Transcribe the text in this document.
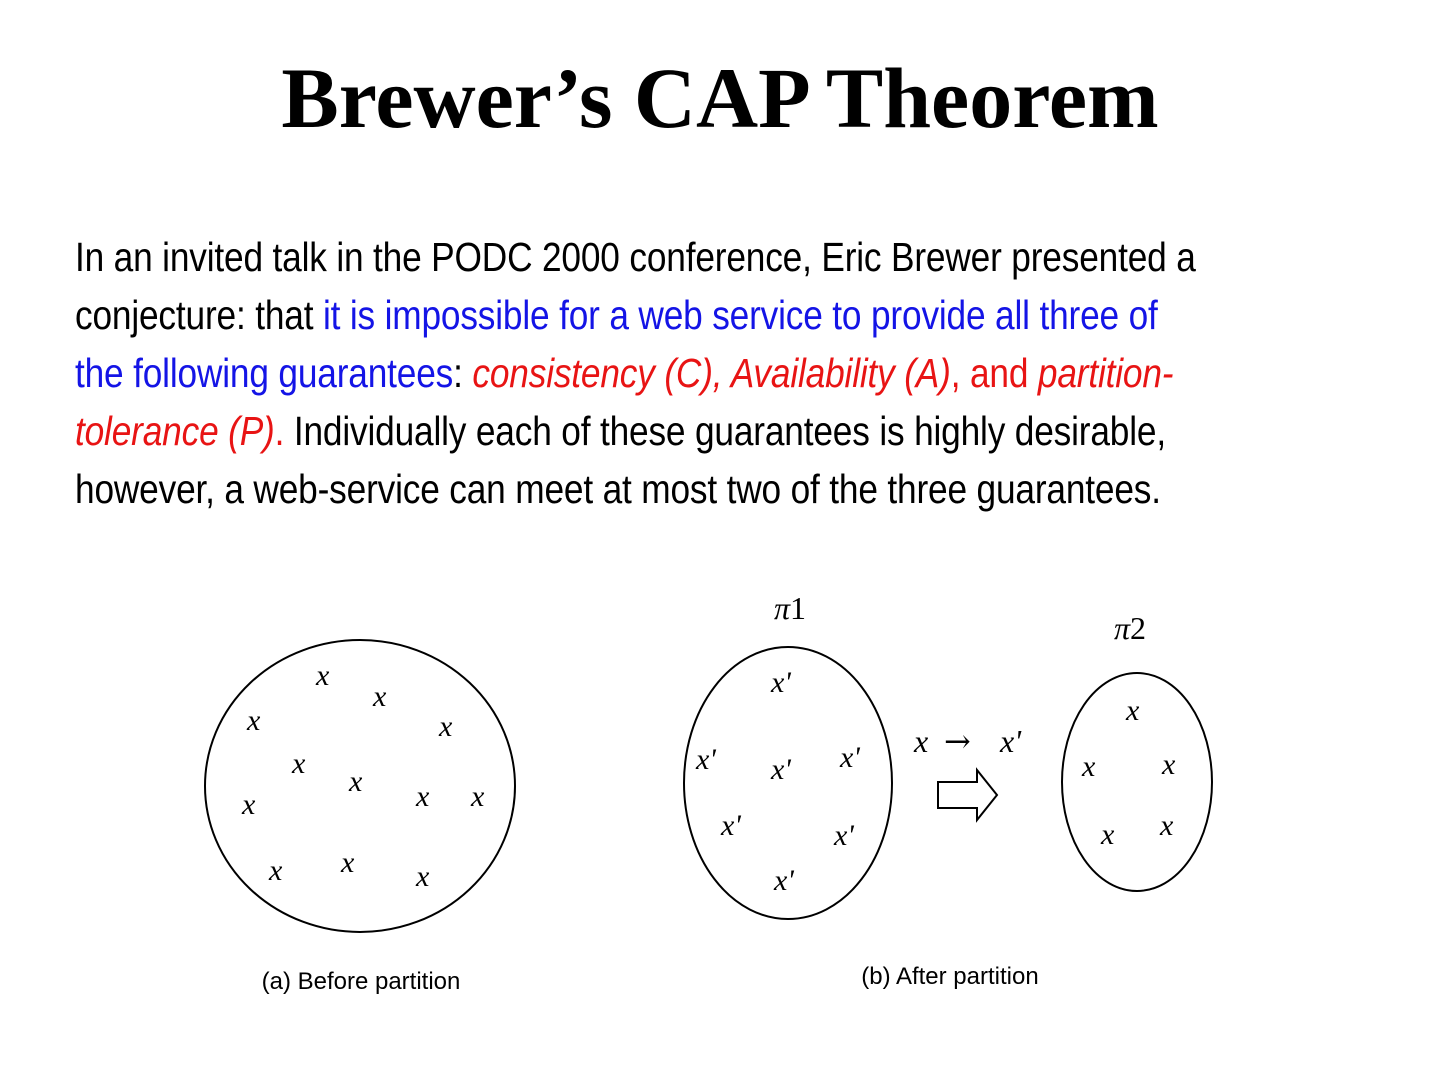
Brewer’s CAP Theorem
In an invited talk in the PODC 2000 conference, Eric Brewer presented a
conjecture: that it is impossible for a web service to provide all three of
the following guarantees: consistency (C), Availability (A), and partition-
tolerance (P). Individually each of these guarantees is highly desirable,
however, a web-service can meet at most two of the three guarantees.
x
x
x	x
x
x
x	x x
x x x
(a) Before partition
π1
x'
x' x' x'
x'	x'
x'
x → x'
π2
x
x x
x x
(b) After partition
